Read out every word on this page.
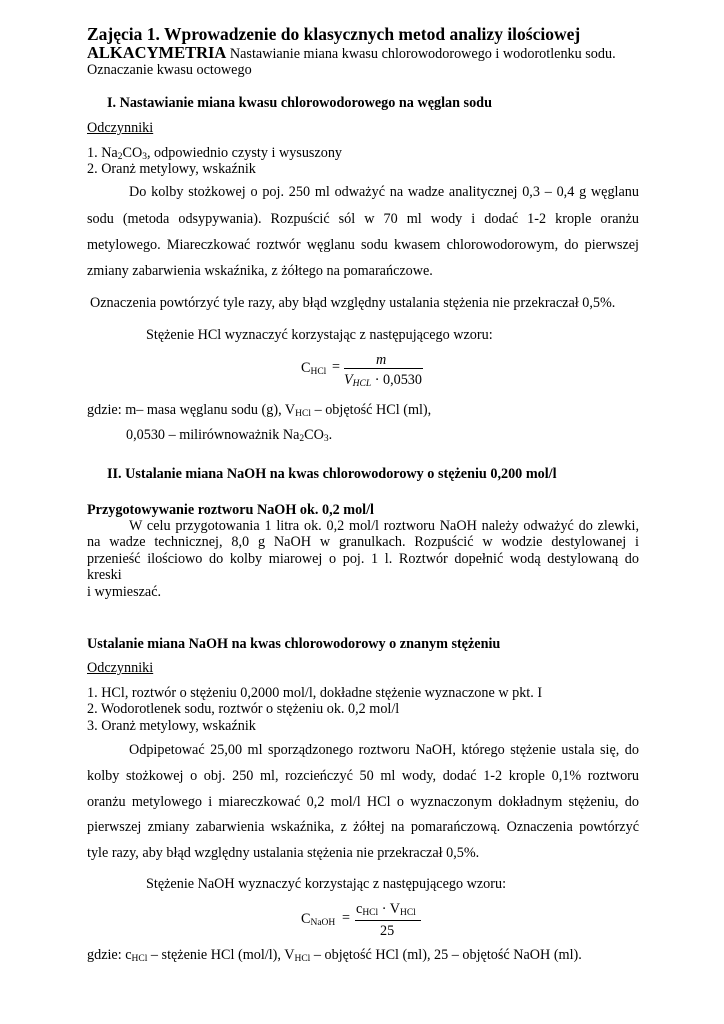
Zajęcia 1. Wprowadzenie do klasycznych metod analizy ilościowej
ALKACYMETRIA Nastawianie miana kwasu chlorowodorowego i wodorotlenku sodu.
Oznaczanie kwasu octowego
I. Nastawianie miana kwasu chlorowodorowego na węglan sodu
Odczynniki
1. $Na_2CO_3$, odpowiednio czysty i wysuszony
2. Oranż metylowy, wskaźnik
Do kolby stożkowej o poj. 250 ml odważyć na wadze analitycznej 0,3 – 0,4 g węglanu
sodu (metoda odsypywania). Rozpuścić sól w 70 ml wody i dodać 1-2 krople oranżu
metylowego. Miareczkować roztwór węglanu sodu kwasem chlorowodorowym, do pierwszej
zmiany zabarwienia wskaźnika, z żółtego na pomarańczowe.
Oznaczenia powtórzyć tyle razy, aby błąd względny ustalania stężenia nie przekraczał 0,5%.
Stężenie HCl wyznaczyć korzystając z następującego wzoru:
$C_{HCl}$ =	m
$V_{HCL} \cdot 0,0530$
gdzie: m– masa węglanu sodu (g), $V_{HCl}$ – objętość HCl (ml),
0,0530 – milirównoważnik $Na_2CO_3$.
II. Ustalanie miana NaOH na kwas chlorowodorowy o stężeniu 0,200 mol/l
Przygotowywanie roztworu NaOH ok. 0,2 mol/l
W celu przygotowania 1 litra ok. 0,2 mol/l roztworu NaOH należy odważyć do zlewki,
na wadze technicznej, 8,0 g NaOH w granulkach. Rozpuścić w wodzie destylowanej i
przenieść ilościowo do kolby miarowej o poj. 1 l. Roztwór dopełnić wodą destylowaną do
kreski
i wymieszać.
Ustalanie miana NaOH na kwas chlorowodorowy o znanym stężeniu
Odczynniki
1. HCl, roztwór o stężeniu 0,2000 mol/l, dokładne stężenie wyznaczone w pkt. I
2. Wodorotlenek sodu, roztwór o stężeniu ok. 0,2 mol/l
3. Oranż metylowy, wskaźnik
Odpipetować 25,00 ml sporządzonego roztworu NaOH, którego stężenie ustala się, do
kolby stożkowej o obj. 250 ml, rozcieńczyć 50 ml wody, dodać 1-2 krople 0,1% roztworu
oranżu metylowego i miareczkować 0,2 mol/l HCl o wyznaczonym dokładnym stężeniu, do
pierwszej zmiany zabarwienia wskaźnika, z żółtej na pomarańczową. Oznaczenia powtórzyć
tyle razy, aby błąd względny ustalania stężenia nie przekraczał 0,5%.
Stężenie NaOH wyznaczyć korzystając z następującego wzoru:
$C_{NaOH}$ =
$c_{HCl} \cdot V_{HCl}$
25
gdzie: $c_{HCl}$ – stężenie HCl (mol/l), $V_{HCl}$ – objętość HCl (ml), 25 – objętość NaOH (ml).
